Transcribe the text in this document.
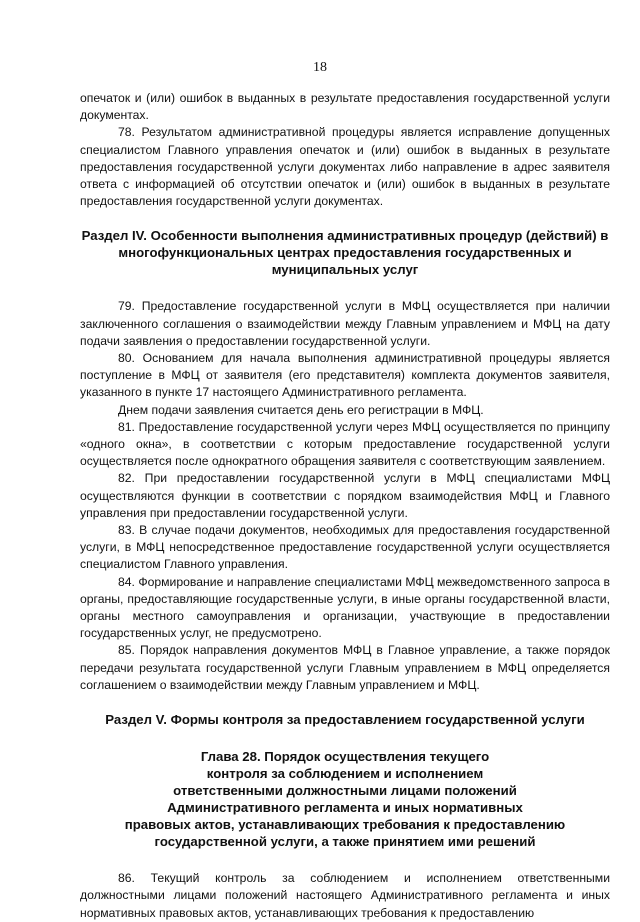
18

опечаток и (или) ошибок в выданных в результате предоставления государственной услуги документах.

78. Результатом административной процедуры является исправление допущенных специалистом Главного управления опечаток и (или) ошибок в выданных в результате предоставления государственной услуги документах либо направление в адрес заявителя ответа с информацией об отсутствии опечаток и (или) ошибок в выданных в результате предоставления государственной услуги документах.

Раздел IV. Особенности выполнения административных процедур (действий) в многофункциональных центрах предоставления государственных и муниципальных услуг

79. Предоставление государственной услуги в МФЦ осуществляется при наличии заключенного соглашения о взаимодействии между Главным управлением и МФЦ на дату подачи заявления о предоставлении государственной услуги.

80. Основанием для начала выполнения административной процедуры является поступление в МФЦ от заявителя (его представителя) комплекта документов заявителя, указанного в пункте 17 настоящего Административного регламента.

Днем подачи заявления считается день его регистрации в МФЦ.

81. Предоставление государственной услуги через МФЦ осуществляется по принципу «одного окна», в соответствии с которым предоставление государственной услуги осуществляется после однократного обращения заявителя с соответствующим заявлением.

82. При предоставлении государственной услуги в МФЦ специалистами МФЦ осуществляются функции в соответствии с порядком взаимодействия МФЦ и Главного управления при предоставлении государственной услуги.

83. В случае подачи документов, необходимых для предоставления государственной услуги, в МФЦ непосредственное предоставление государственной услуги осуществляется специалистом Главного управления.

84. Формирование и направление специалистами МФЦ межведомственного запроса в органы, предоставляющие государственные услуги, в иные органы государственной власти, органы местного самоуправления и организации, участвующие в предоставлении государственных услуг, не предусмотрено.

85. Порядок направления документов МФЦ в Главное управление, а также порядок передачи результата государственной услуги Главным управлением в МФЦ определяется соглашением о взаимодействии между Главным управлением и МФЦ.

Раздел V. Формы контроля за предоставлением государственной услуги

Глава 28. Порядок осуществления текущего

контроля за соблюдением и исполнением

ответственными должностными лицами положений

Административного регламента и иных нормативных

правовых актов, устанавливающих требования к предоставлению

государственной услуги, а также принятием ими решений

86. Текущий контроль за соблюдением и исполнением ответственными должностными лицами положений настоящего Административного регламента и иных нормативных правовых актов, устанавливающих требования к предоставлению
